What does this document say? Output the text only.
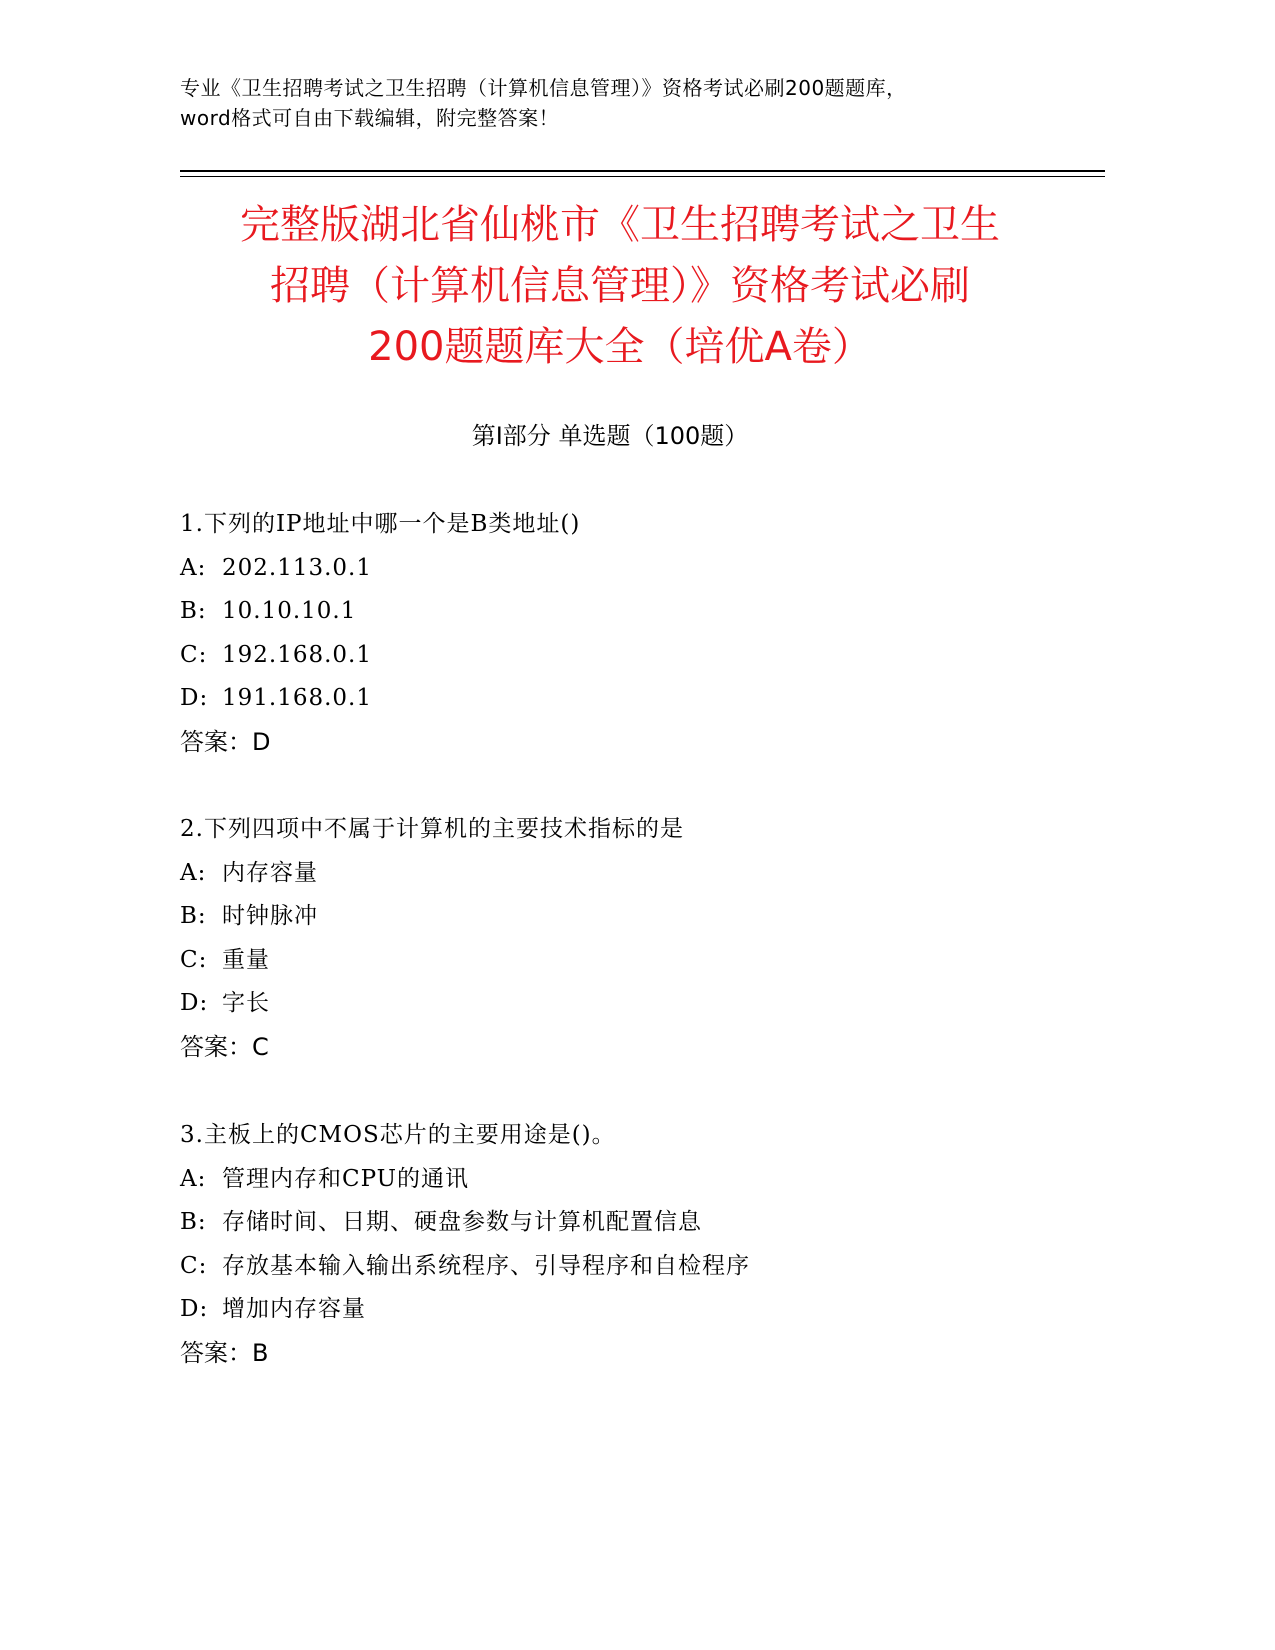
专业《卫生招聘考试之卫生招聘（计算机信息管理）》资格考试必刷200题题库，
word格式可自由下载编辑，附完整答案！
完整版湖北省仙桃市《卫生招聘考试之卫生
招聘（计算机信息管理）》资格考试必刷
200题题库大全（培优A卷）
第I部分 单选题（100题）
1.下列的IP地址中哪一个是B类地址()
A: 202.113.0.1
B: 10.10.10.1
C: 192.168.0.1
D: 191.168.0.1
答案：D
2.下列四项中不属于计算机的主要技术指标的是
A: 内存容量
B: 时钟脉冲
C: 重量
D: 字长
答案：C
3.主板上的CMOS芯片的主要用途是()。
A: 管理内存和CPU的通讯
B: 存储时间、日期、硬盘参数与计算机配置信息
C: 存放基本输入输出系统程序、引导程序和自检程序
D: 增加内存容量
答案：B
